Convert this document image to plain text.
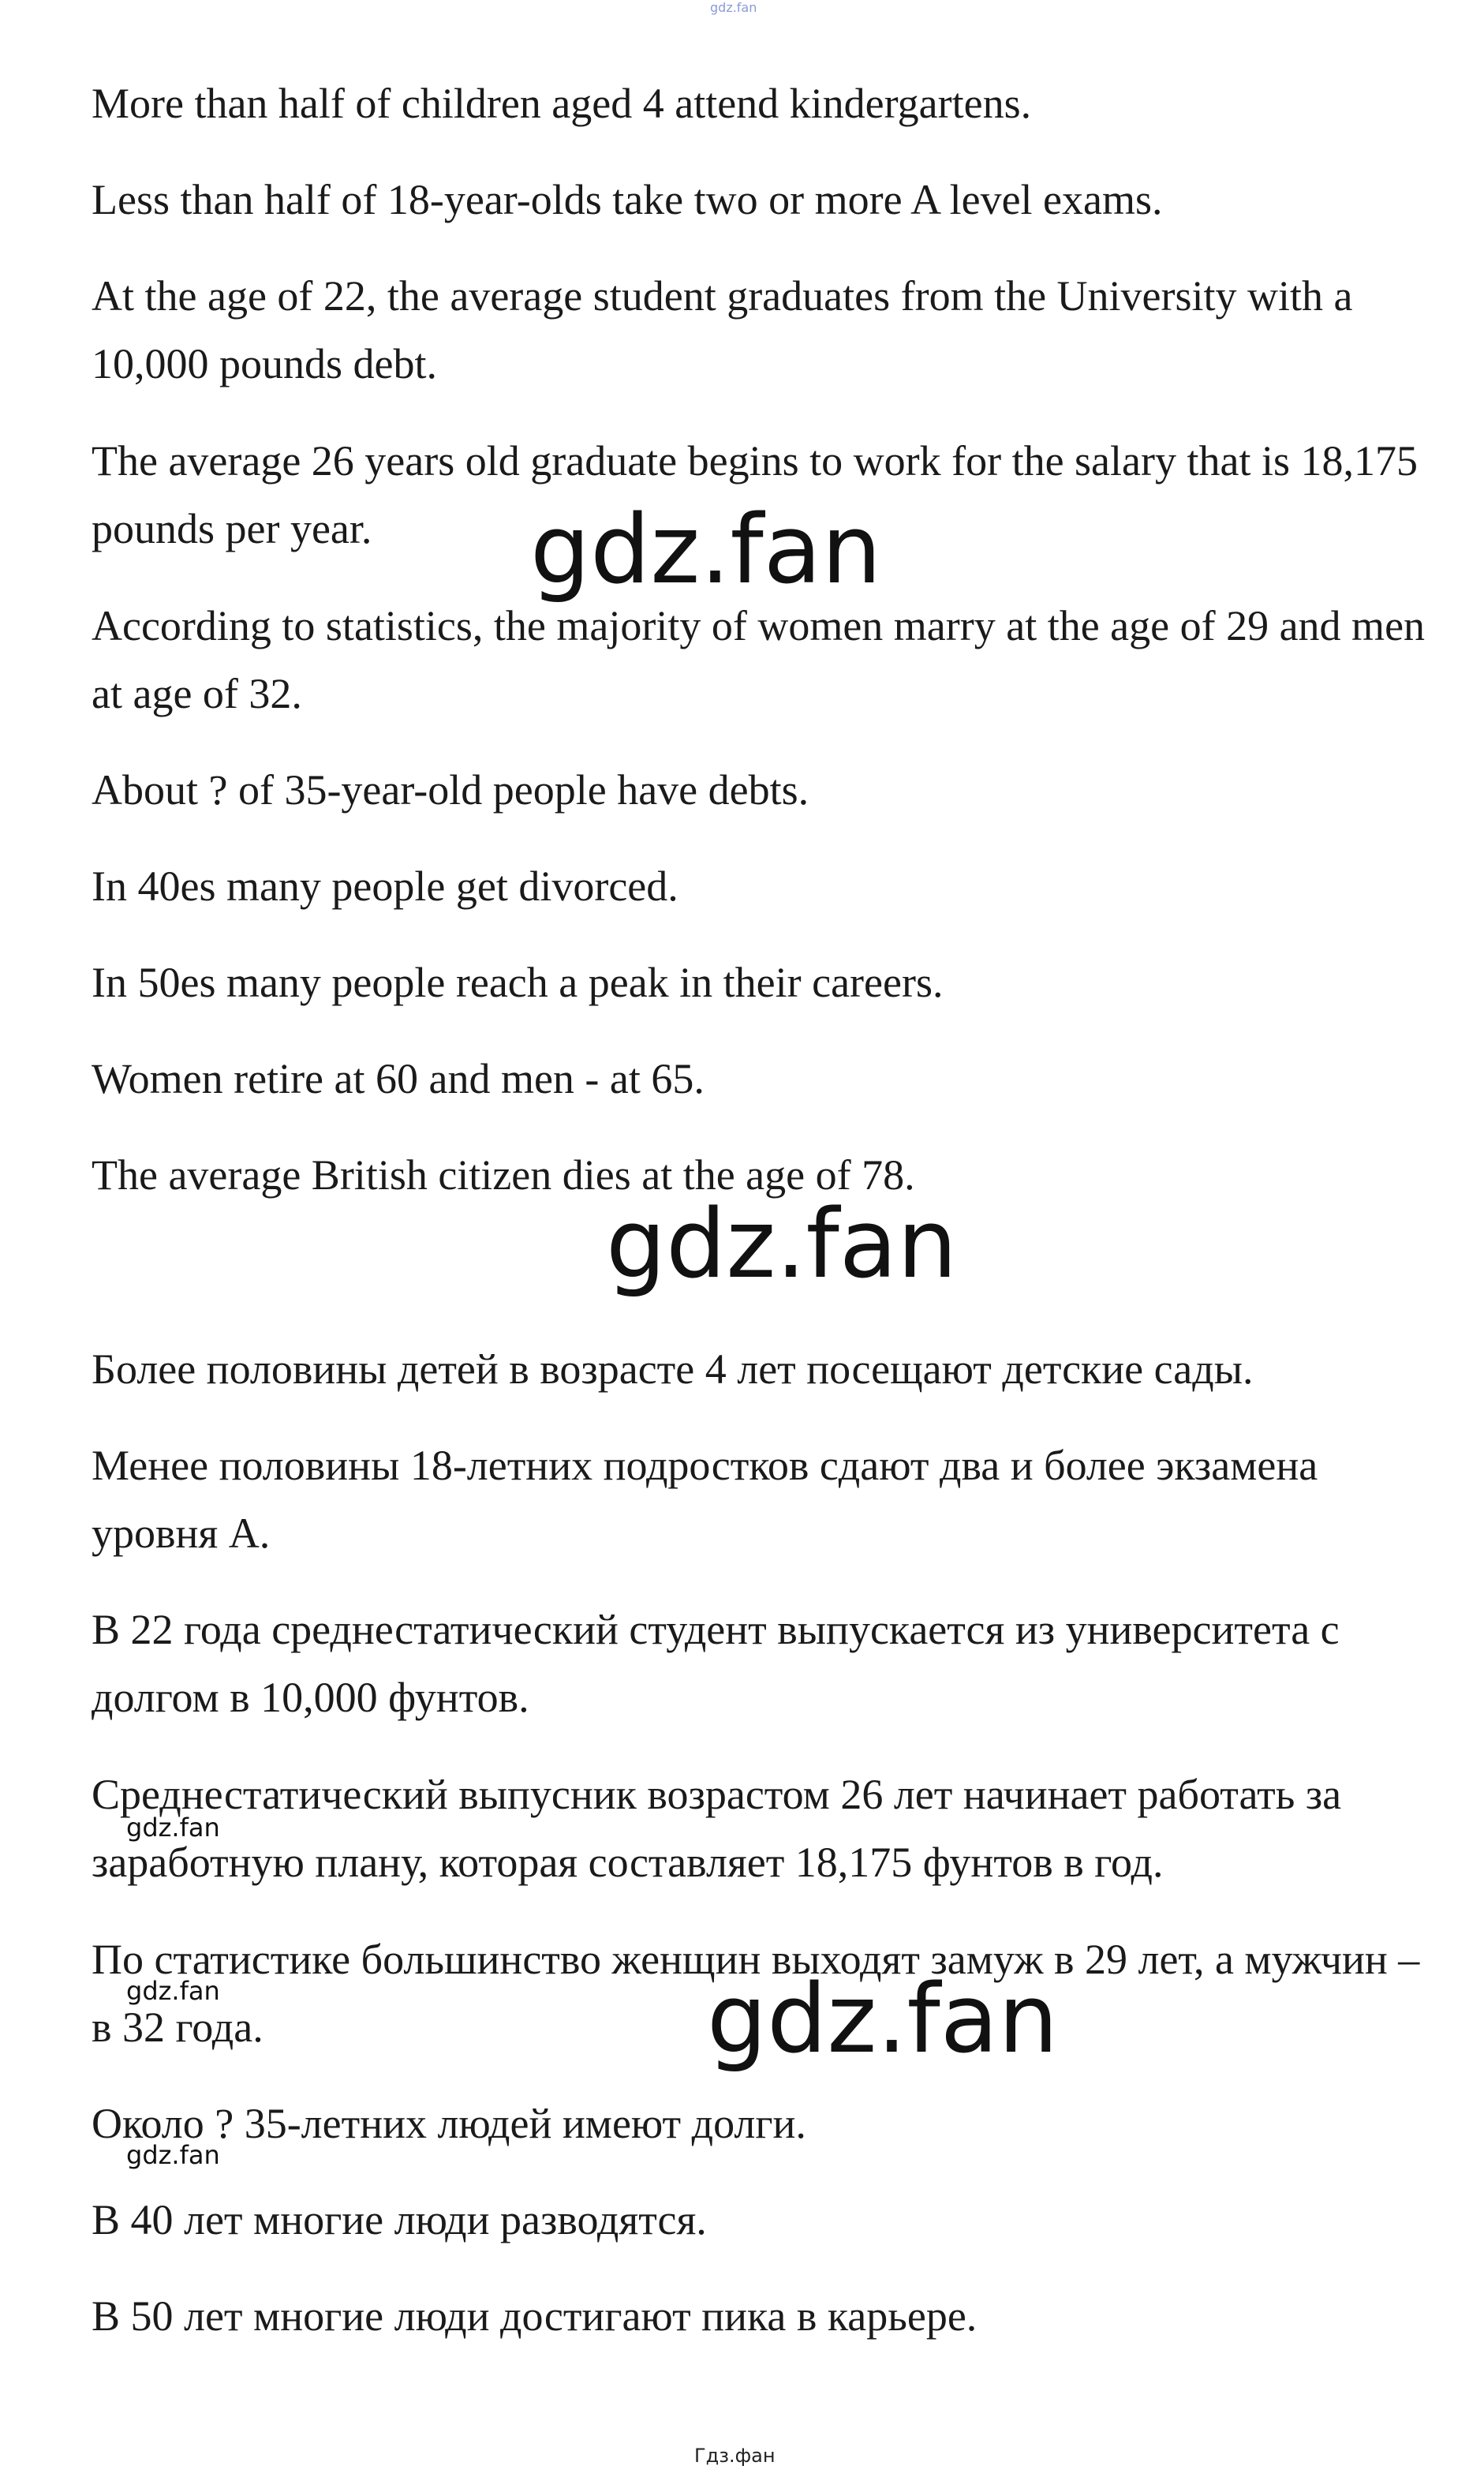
gdz.fan

More than half of children aged 4 attend kindergartens.

Less than half of 18-year-olds take two or more A level exams.

At the age of 22, the average student graduates from the University with a 10,000 pounds debt.

The average 26 years old graduate begins to work for the salary that is 18,175 pounds per year.

According to statistics, the majority of women marry at the age of 29 and men at age of 32.

About ? of 35-year-old people have debts.

In 40es many people get divorced.

In 50es many people reach a peak in their careers.

Women retire at 60 and men - at 65.

The average British citizen dies at the age of 78.

Более половины детей в возрасте 4 лет посещают детские сады.

Менее половины 18-летних подростков сдают два и более экзамена уровня А.

В 22 года среднестатический студент выпускается из университета с долгом в 10,000 фунтов.

Среднестатический выпусник возрастом 26 лет начинает работать за заработную плану, которая составляет 18,175 фунтов в год.

По статистике большинство женщин выходят замуж в 29 лет, а мужчин – в 32 года.

Около ? 35-летних людей имеют долги.

В 40 лет многие люди разводятся.

В 50 лет многие люди достигают пика в карьере.

gdz.fan
gdz.fan
gdz.fan
gdz.fan
gdz.fan
gdz.fan
Гдз.фан
